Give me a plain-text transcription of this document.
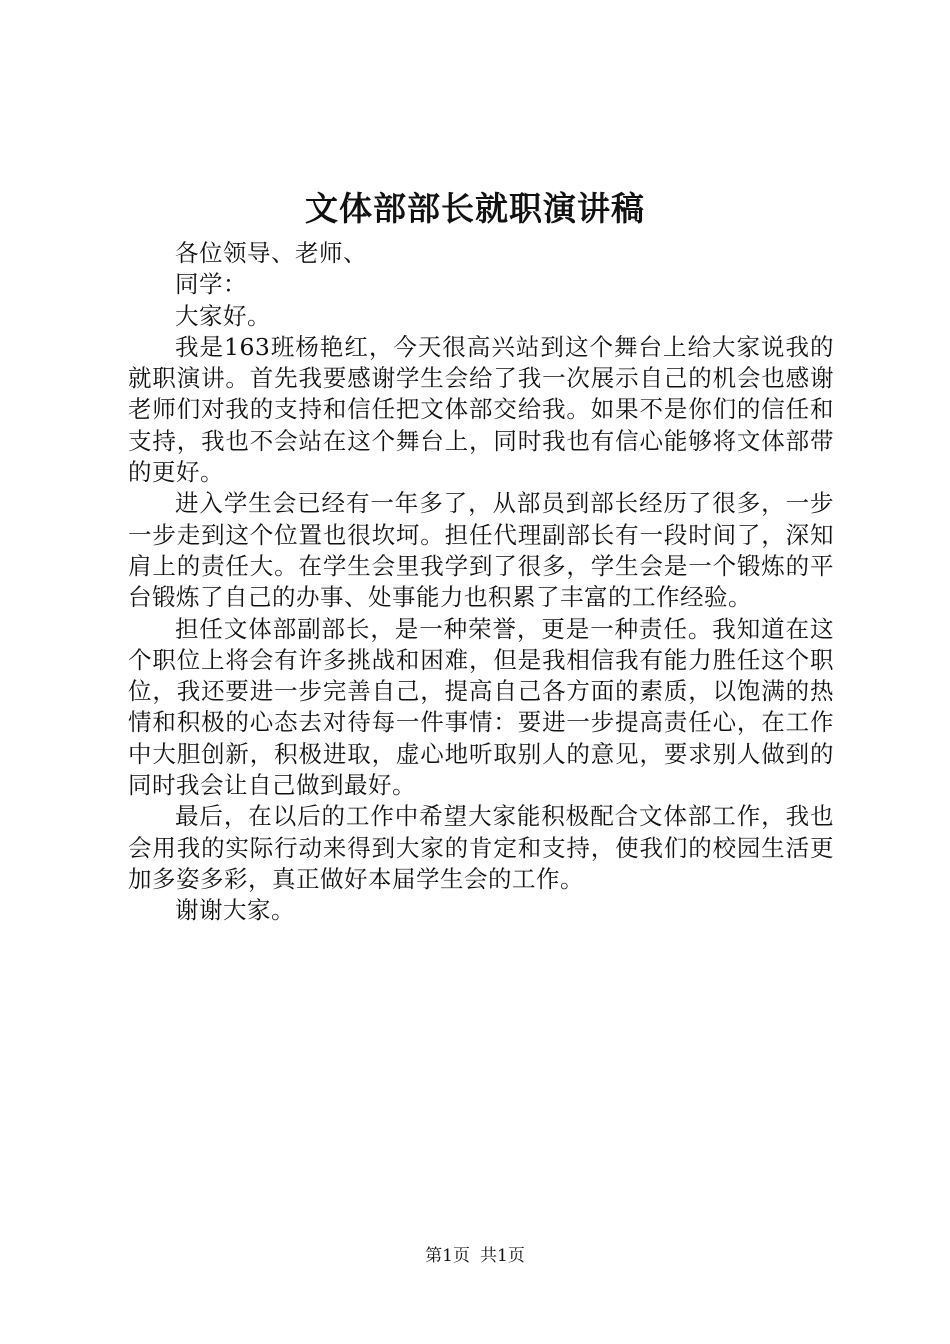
文体部部长就职演讲稿

各位领导、老师、

同学：

大家好。

我是163班杨艳红，今天很高兴站到这个舞台上给大家说我的就职演讲。首先我要感谢学生会给了我一次展示自己的机会也感谢老师们对我的支持和信任把文体部交给我。如果不是你们的信任和支持，我也不会站在这个舞台上，同时我也有信心能够将文体部带的更好。

进入学生会已经有一年多了，从部员到部长经历了很多，一步一步走到这个位置也很坎坷。担任代理副部长有一段时间了，深知肩上的责任大。在学生会里我学到了很多，学生会是一个锻炼的平台锻炼了自己的办事、处事能力也积累了丰富的工作经验。

担任文体部副部长，是一种荣誉，更是一种责任。我知道在这个职位上将会有许多挑战和困难，但是我相信我有能力胜任这个职位，我还要进一步完善自己，提高自己各方面的素质，以饱满的热情和积极的心态去对待每一件事情：要进一步提高责任心，在工作中大胆创新，积极进取，虚心地听取别人的意见，要求别人做到的同时我会让自己做到最好。

最后，在以后的工作中希望大家能积极配合文体部工作，我也会用我的实际行动来得到大家的肯定和支持，使我们的校园生活更加多姿多彩，真正做好本届学生会的工作。

谢谢大家。

第1页 共1页
